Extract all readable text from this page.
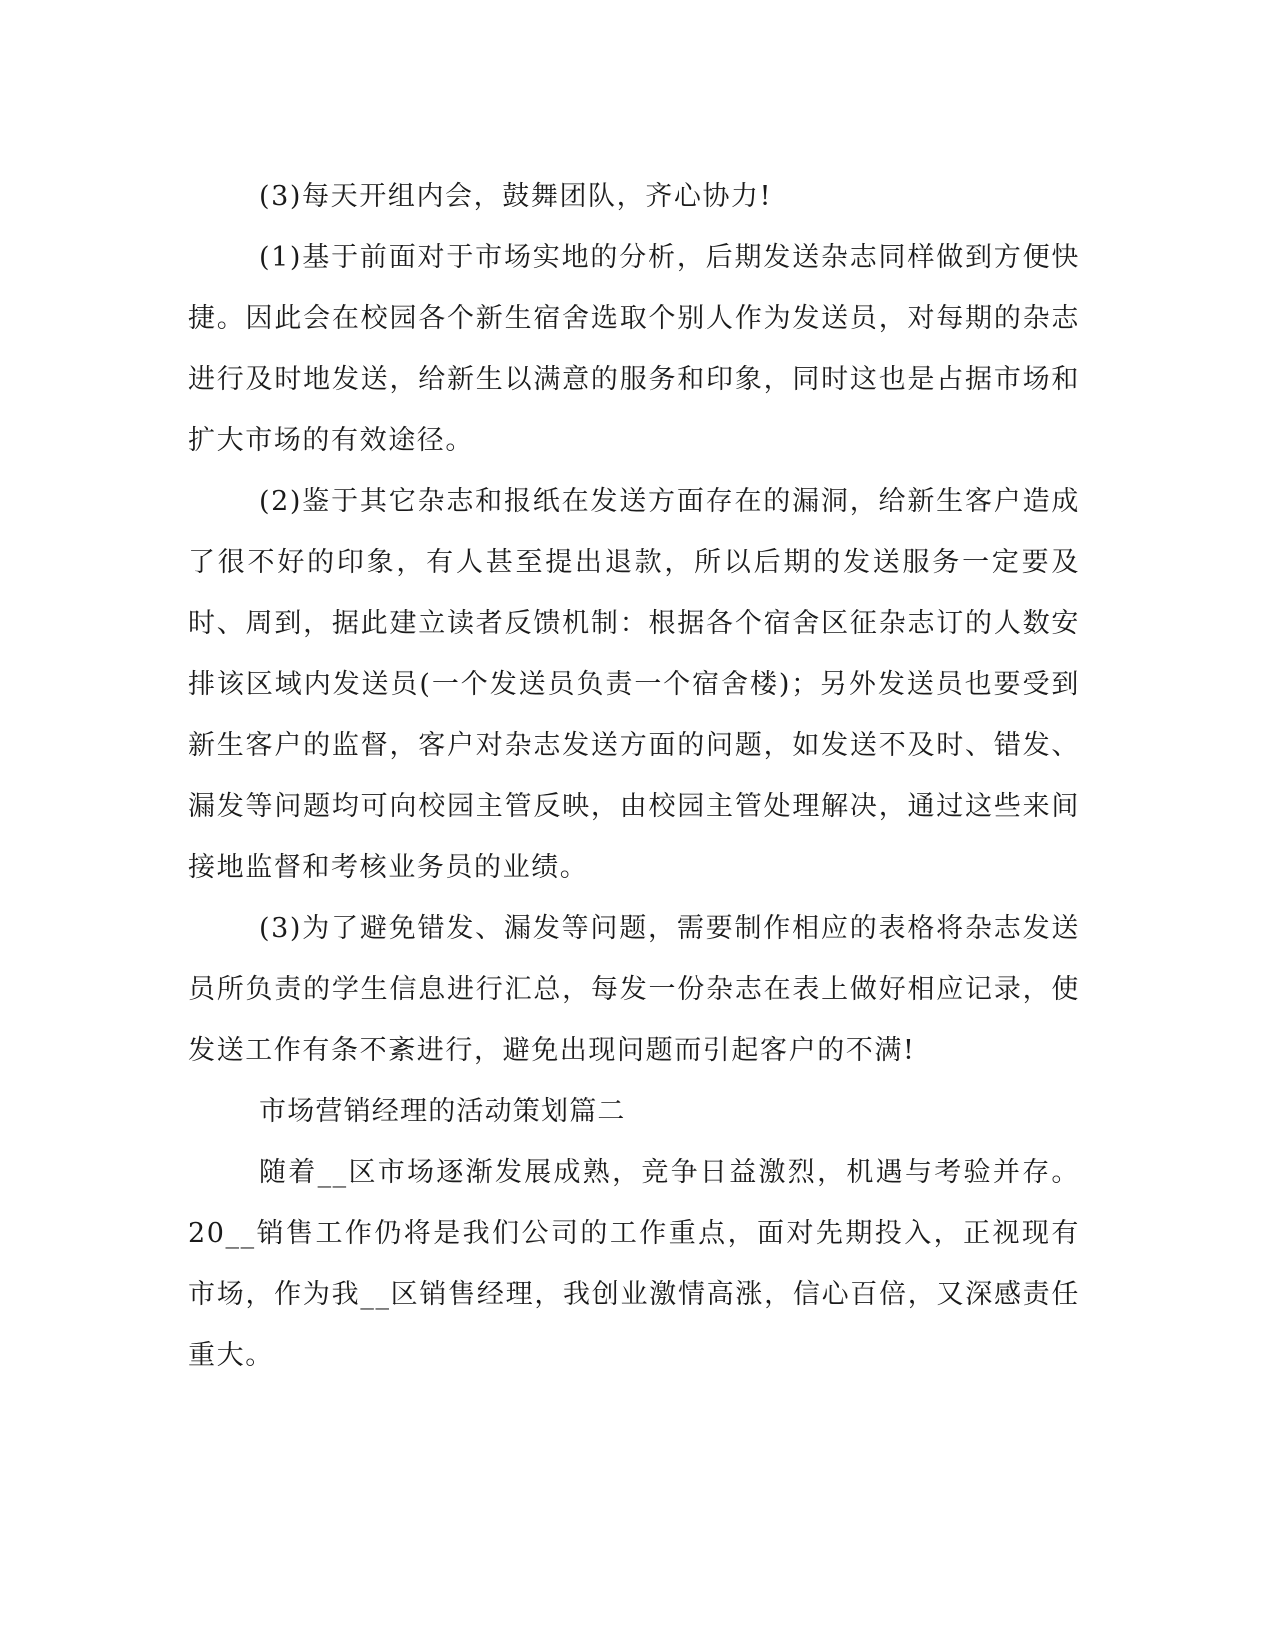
(3)每天开组内会，鼓舞团队，齐心协力!

(1)基于前面对于市场实地的分析，后期发送杂志同样做到方便快捷。因此会在校园各个新生宿舍选取个别人作为发送员，对每期的杂志进行及时地发送，给新生以满意的服务和印象，同时这也是占据市场和扩大市场的有效途径。

(2)鉴于其它杂志和报纸在发送方面存在的漏洞，给新生客户造成了很不好的印象，有人甚至提出退款，所以后期的发送服务一定要及时、周到，据此建立读者反馈机制：根据各个宿舍区征杂志订的人数安排该区域内发送员(一个发送员负责一个宿舍楼)；另外发送员也要受到新生客户的监督，客户对杂志发送方面的问题，如发送不及时、错发、漏发等问题均可向校园主管反映，由校园主管处理解决，通过这些来间接地监督和考核业务员的业绩。

(3)为了避免错发、漏发等问题，需要制作相应的表格将杂志发送员所负责的学生信息进行汇总，每发一份杂志在表上做好相应记录，使发送工作有条不紊进行，避免出现问题而引起客户的不满!

市场营销经理的活动策划篇二

随着__区市场逐渐发展成熟，竞争日益激烈，机遇与考验并存。20__销售工作仍将是我们公司的工作重点，面对先期投入，正视现有市场，作为我__区销售经理，我创业激情高涨，信心百倍，又深感责任重大。
